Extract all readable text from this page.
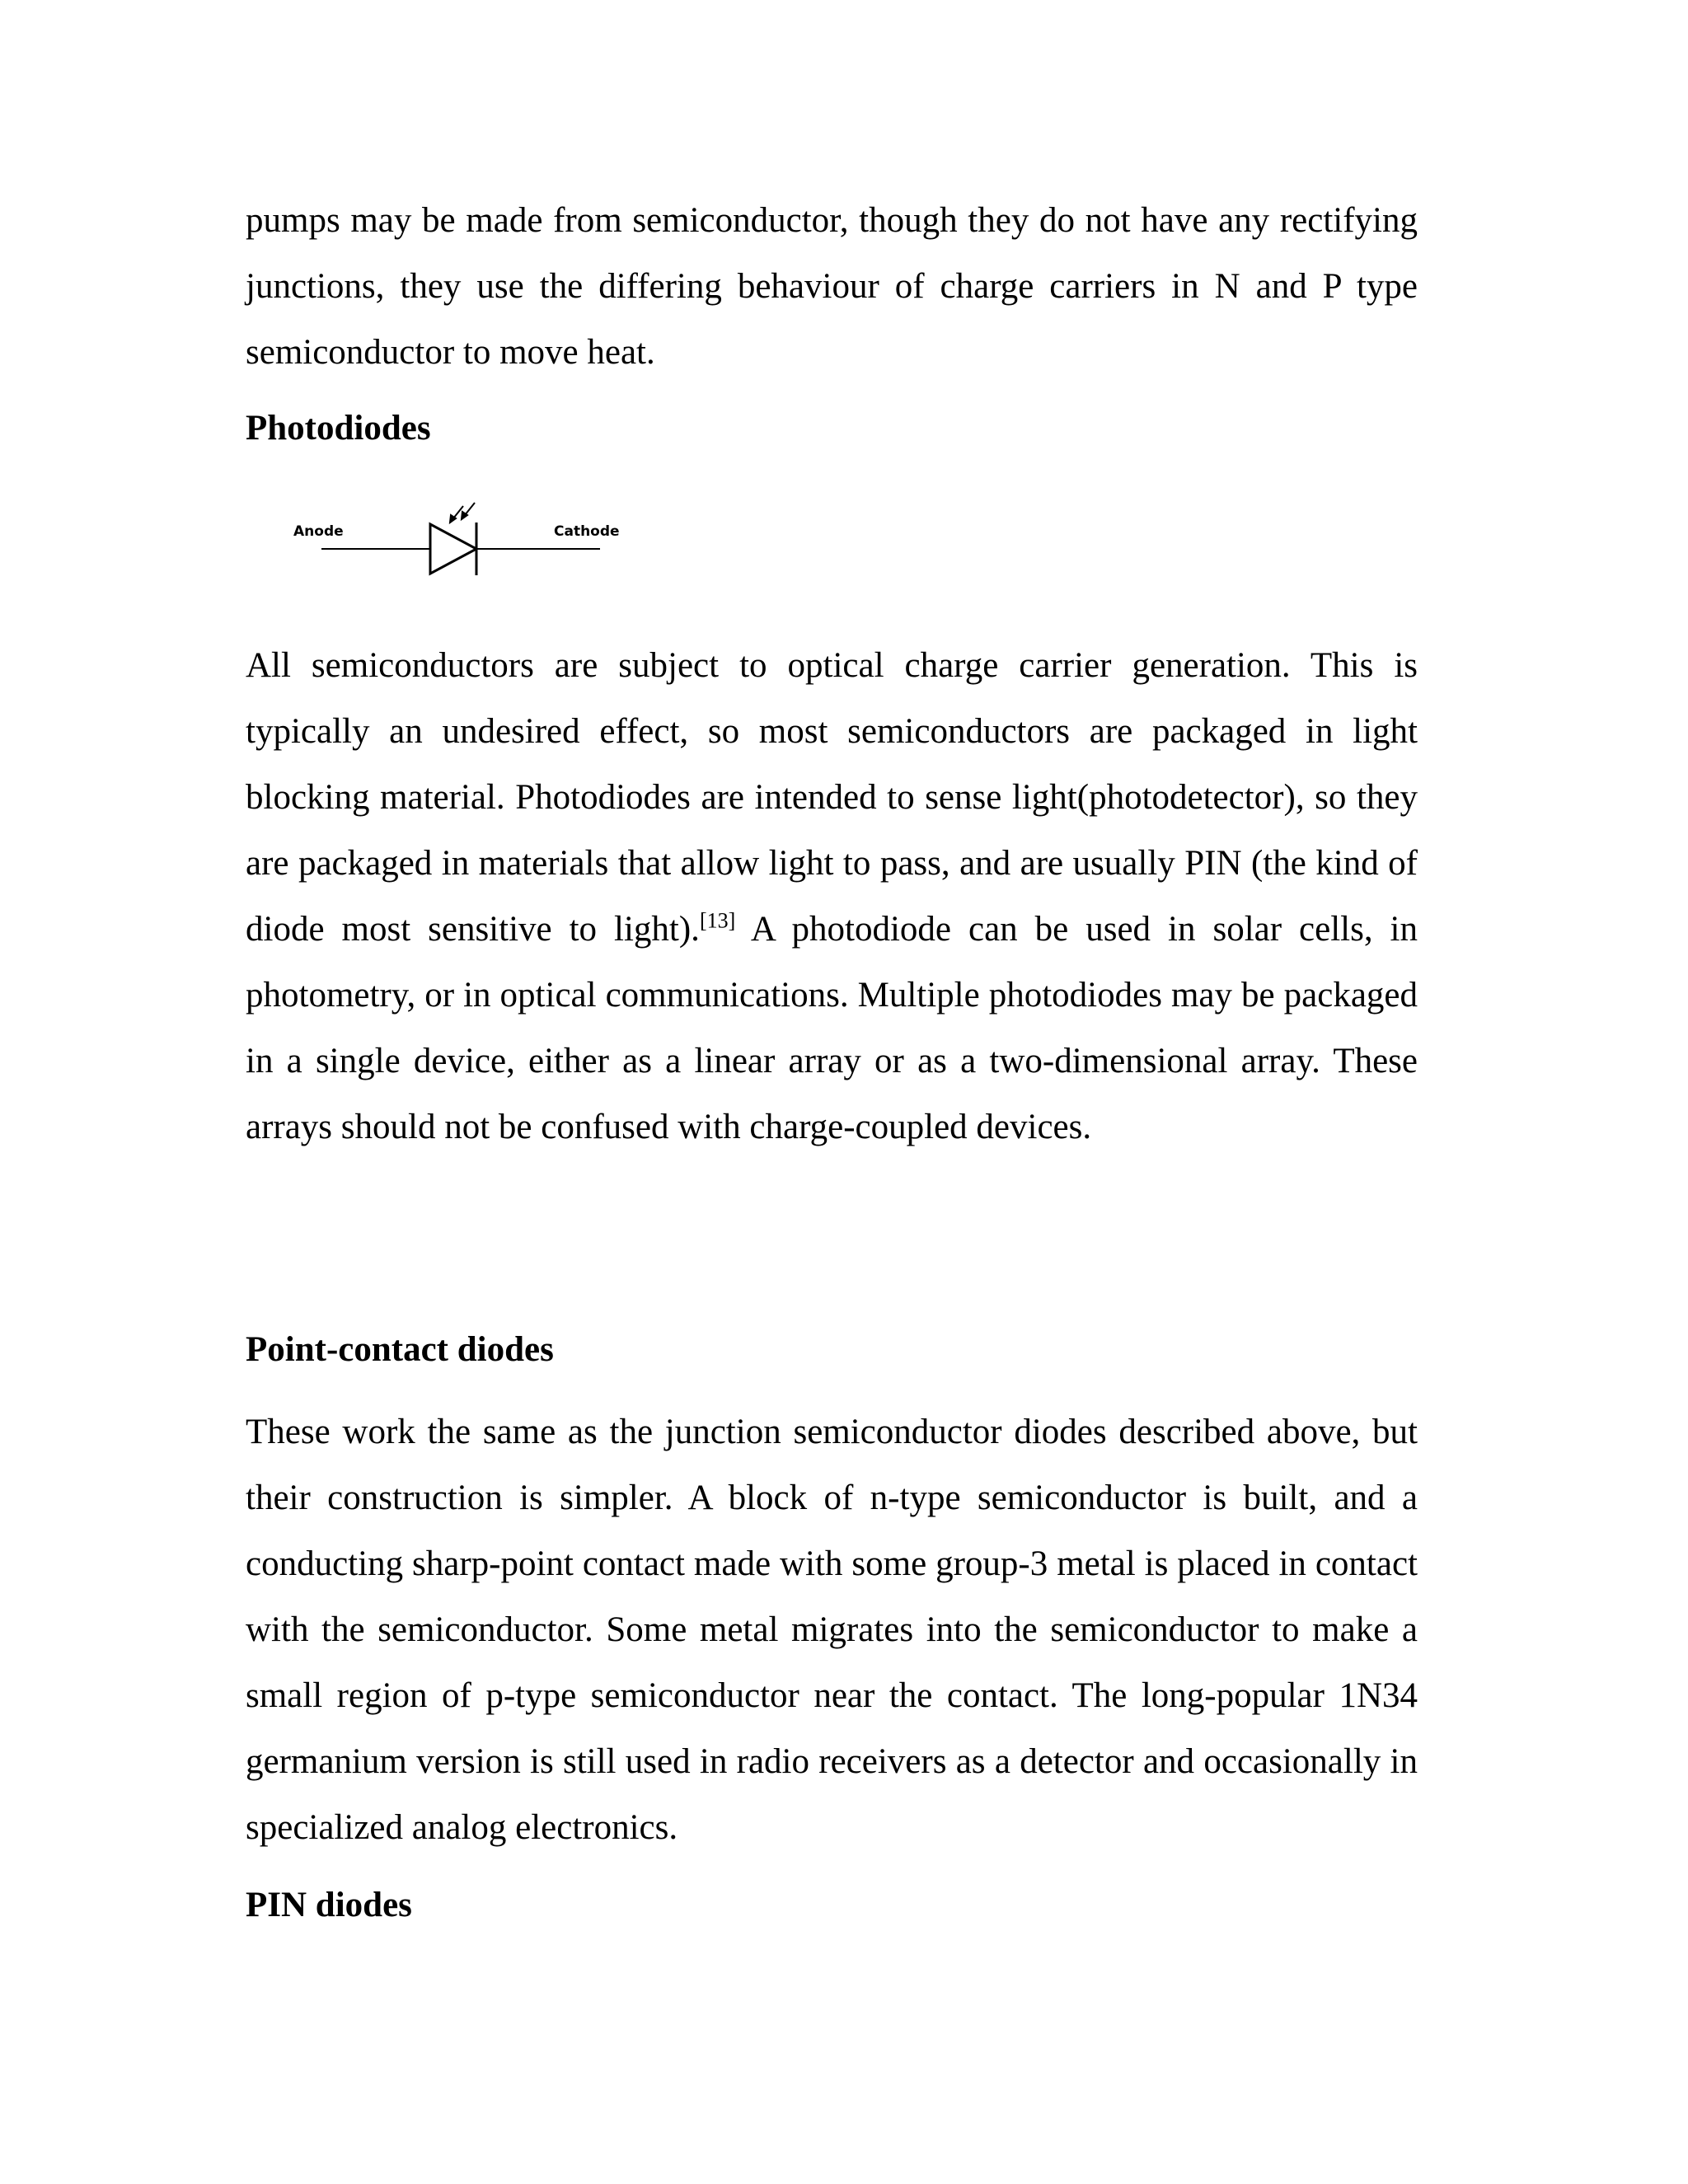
pumps may be made from semiconductor, though they do not have any rectifying junctions, they use the differing behaviour of charge carriers in N and P type semiconductor to move heat.

Photodiodes
Anode	Cathode

All semiconductors are subject to optical charge carrier generation. This is typically an undesired effect, so most semiconductors are packaged in light blocking material. Photodiodes are intended to sense light(photodetector), so they are packaged in materials that allow light to pass, and are usually PIN (the kind of diode most sensitive to light).[13] A photodiode can be used in solar cells, in photometry, or in optical communications. Multiple photodiodes may be packaged in a single device, either as a linear array or as a two-dimensional array. These arrays should not be confused with charge-coupled devices.

Point-contact diodes

These work the same as the junction semiconductor diodes described above, but their construction is simpler. A block of n-type semiconductor is built, and a conducting sharp-point contact made with some group-3 metal is placed in contact with the semiconductor. Some metal migrates into the semiconductor to make a small region of p-type semiconductor near the contact. The long-popular 1N34 germanium version is still used in radio receivers as a detector and occasionally in specialized analog electronics.

PIN diodes
